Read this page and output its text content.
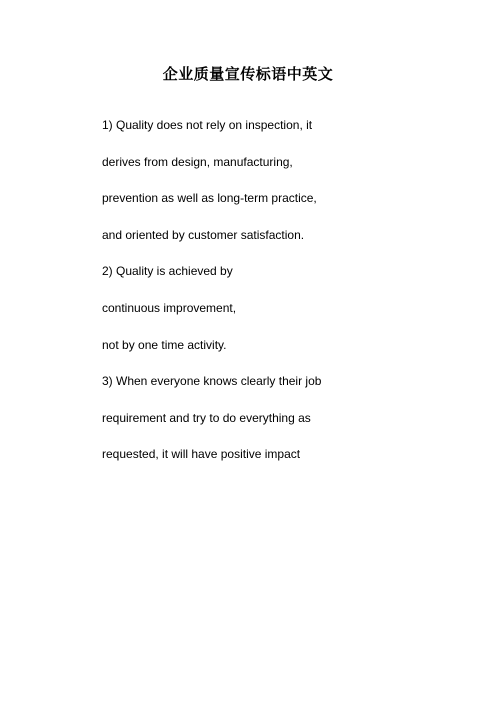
企业质量宣传标语中英文
1) Quality does not rely on inspection, it
derives from design, manufacturing,
prevention as well as long-term practice,
and oriented by customer satisfaction.
2) Quality is achieved by
continuous improvement,
not by one time activity.
3) When everyone knows clearly their job
requirement and try to do everything as
requested, it will have positive impact
